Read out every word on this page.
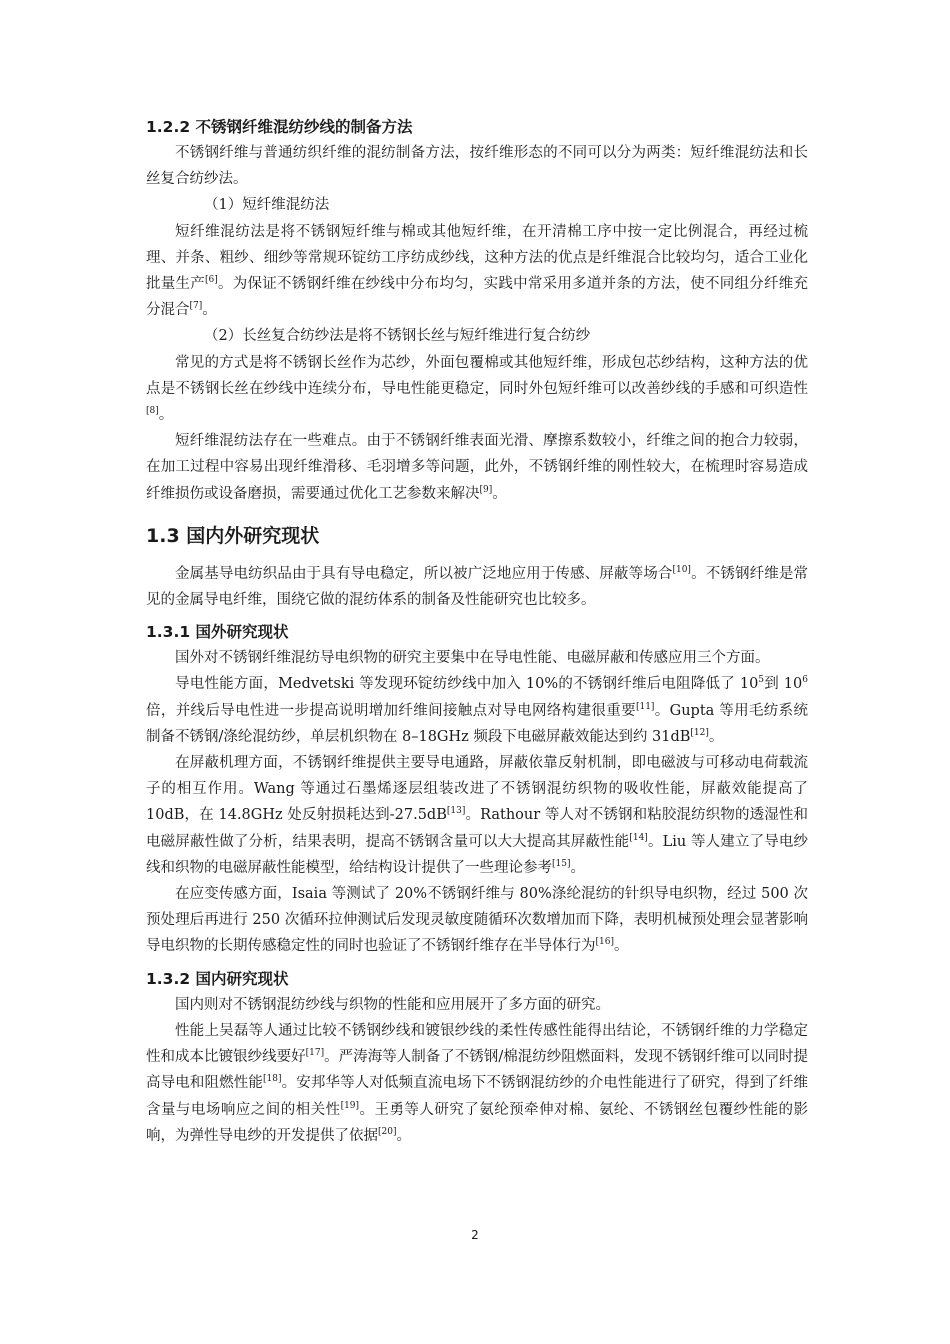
1.2.2 不锈钢纤维混纺纱线的制备方法

不锈钢纤维与普通纺织纤维的混纺制备方法，按纤维形态的不同可以分为两类：短纤维混纺法和长丝复合纺纱法。

（1）短纤维混纺法

短纤维混纺法是将不锈钢短纤维与棉或其他短纤维，在开清棉工序中按一定比例混合，再经过梳理、并条、粗纱、细纱等常规环锭纺工序纺成纱线，这种方法的优点是纤维混合比较均匀，适合工业化批量生产[6]。为保证不锈钢纤维在纱线中分布均匀，实践中常采用多道并条的方法，使不同组分纤维充分混合[7]。

（2）长丝复合纺纱法是将不锈钢长丝与短纤维进行复合纺纱

常见的方式是将不锈钢长丝作为芯纱，外面包覆棉或其他短纤维，形成包芯纱结构，这种方法的优点是不锈钢长丝在纱线中连续分布，导电性能更稳定，同时外包短纤维可以改善纱线的手感和可织造性[8]。

短纤维混纺法存在一些难点。由于不锈钢纤维表面光滑、摩擦系数较小，纤维之间的抱合力较弱，在加工过程中容易出现纤维滑移、毛羽增多等问题，此外，不锈钢纤维的刚性较大，在梳理时容易造成纤维损伤或设备磨损，需要通过优化工艺参数来解决[9]。

1.3 国内外研究现状

金属基导电纺织品由于具有导电稳定，所以被广泛地应用于传感、屏蔽等场合[10]。不锈钢纤维是常见的金属导电纤维，围绕它做的混纺体系的制备及性能研究也比较多。

1.3.1 国外研究现状

国外对不锈钢纤维混纺导电织物的研究主要集中在导电性能、电磁屏蔽和传感应用三个方面。

导电性能方面，Medvetski 等发现环锭纺纱线中加入 10%的不锈钢纤维后电阻降低了 $10^5$到 $10^6$倍，并线后导电性进一步提高说明增加纤维间接触点对导电网络构建很重要[11]。Gupta 等用毛纺系统制备不锈钢/涤纶混纺纱，单层机织物在 8–18GHz 频段下电磁屏蔽效能达到约 31dB[12]。

在屏蔽机理方面，不锈钢纤维提供主要导电通路，屏蔽依靠反射机制，即电磁波与可移动电荷载流子的相互作用。Wang 等通过石墨烯逐层组装改进了不锈钢混纺织物的吸收性能，屏蔽效能提高了 10dB，在 14.8GHz 处反射损耗达到-27.5dB[13]。Rathour 等人对不锈钢和粘胶混纺织物的透湿性和电磁屏蔽性做了分析，结果表明，提高不锈钢含量可以大大提高其屏蔽性能[14]。Liu 等人建立了导电纱线和织物的电磁屏蔽性能模型，给结构设计提供了一些理论参考[15]。

在应变传感方面，Isaia 等测试了 20%不锈钢纤维与 80%涤纶混纺的针织导电织物，经过 500 次预处理后再进行 250 次循环拉伸测试后发现灵敏度随循环次数增加而下降，表明机械预处理会显著影响导电织物的长期传感稳定性的同时也验证了不锈钢纤维存在半导体行为[16]。

1.3.2 国内研究现状

国内则对不锈钢混纺纱线与织物的性能和应用展开了多方面的研究。

性能上吴磊等人通过比较不锈钢纱线和镀银纱线的柔性传感性能得出结论，不锈钢纤维的力学稳定性和成本比镀银纱线要好[17]。严涛海等人制备了不锈钢/棉混纺纱阻燃面料，发现不锈钢纤维可以同时提高导电和阻燃性能[18]。安邦华等人对低频直流电场下不锈钢混纺纱的介电性能进行了研究，得到了纤维含量与电场响应之间的相关性[19]。王勇等人研究了氨纶预牵伸对棉、氨纶、不锈钢丝包覆纱性能的影响，为弹性导电纱的开发提供了依据[20]。

2
